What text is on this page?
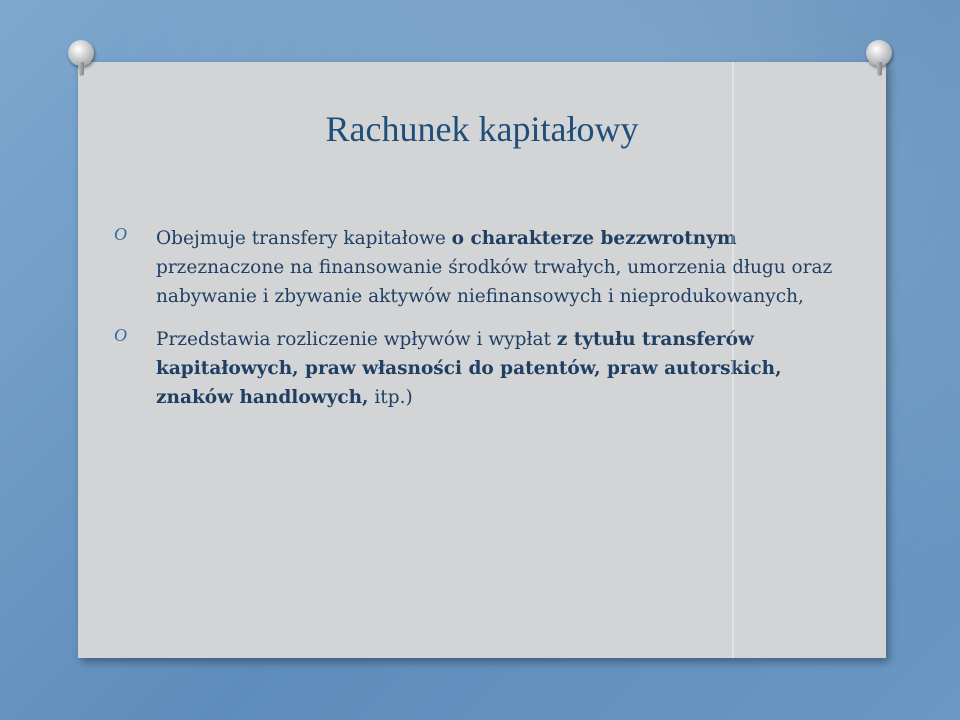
Rachunek kapitałowy
O Obejmuje transfery kapitałowe o charakterze bezzwrotnym przeznaczone na finansowanie środków trwałych, umorzenia długu oraz nabywanie i zbywanie aktywów niefinansowych i nieprodukowanych,
O Przedstawia rozliczenie wpływów i wypłat z tytułu transferów kapitałowych, praw własności do patentów, praw autorskich, znaków handlowych, itp.)
